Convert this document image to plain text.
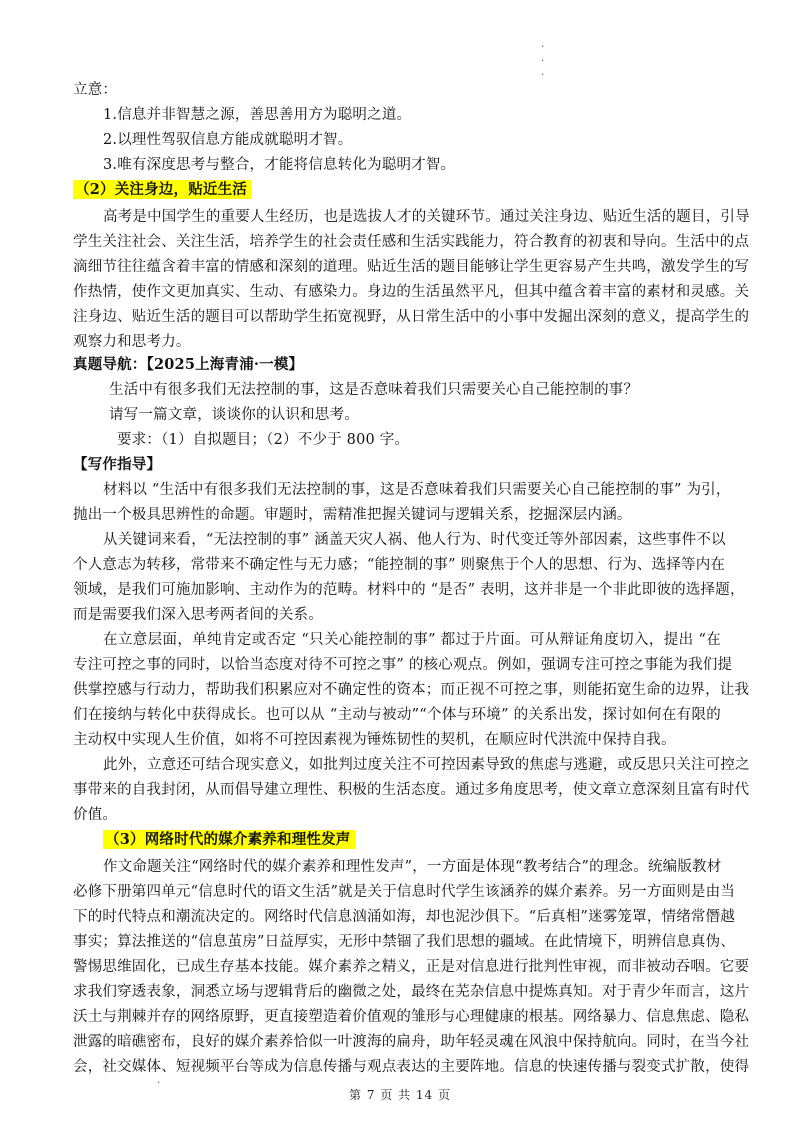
.
.
.
立意：
1.信息并非智慧之源，善思善用方为聪明之道。
2.以理性驾驭信息方能成就聪明才智。
3.唯有深度思考与整合，才能将信息转化为聪明才智。
（2）关注身边，贴近生活
高考是中国学生的重要人生经历，也是选拔人才的关键环节。通过关注身边、贴近生活的题目，引导
学生关注社会、关注生活，培养学生的社会责任感和生活实践能力，符合教育的初衷和导向。生活中的点
滴细节往往蕴含着丰富的情感和深刻的道理。贴近生活的题目能够让学生更容易产生共鸣，激发学生的写
作热情，使作文更加真实、生动、有感染力。身边的生活虽然平凡，但其中蕴含着丰富的素材和灵感。关
注身边、贴近生活的题目可以帮助学生拓宽视野，从日常生活中的小事中发掘出深刻的意义，提高学生的
观察力和思考力。
真题导航：【2025上海青浦·一模】
生活中有很多我们无法控制的事，这是否意味着我们只需要关心自己能控制的事？
请写一篇文章，谈谈你的认识和思考。
要求：（1）自拟题目；（2）不少于 800 字。
【写作指导】
材料以 “生活中有很多我们无法控制的事，这是否意味着我们只需要关心自己能控制的事” 为引，
抛出一个极具思辨性的命题。审题时，需精准把握关键词与逻辑关系，挖掘深层内涵。
从关键词来看，“无法控制的事” 涵盖天灾人祸、他人行为、时代变迁等外部因素，这些事件不以
个人意志为转移，常带来不确定性与无力感；“能控制的事” 则聚焦于个人的思想、行为、选择等内在
领域，是我们可施加影响、主动作为的范畴。材料中的 “是否” 表明，这并非是一个非此即彼的选择题，
而是需要我们深入思考两者间的关系。
在立意层面，单纯肯定或否定 “只关心能控制的事” 都过于片面。可从辩证角度切入，提出 “在
专注可控之事的同时，以恰当态度对待不可控之事” 的核心观点。例如，强调专注可控之事能为我们提
供掌控感与行动力，帮助我们积累应对不确定性的资本；而正视不可控之事，则能拓宽生命的边界，让我
们在接纳与转化中获得成长。也可以从 “主动与被动”“个体与环境” 的关系出发，探讨如何在有限的
主动权中实现人生价值，如将不可控因素视为锤炼韧性的契机，在顺应时代洪流中保持自我。
此外，立意还可结合现实意义，如批判过度关注不可控因素导致的焦虑与逃避，或反思只关注可控之
事带来的自我封闭，从而倡导建立理性、积极的生活态度。通过多角度思考，使文章立意深刻且富有时代
价值。
（3）网络时代的媒介素养和理性发声
作文命题关注“网络时代的媒介素养和理性发声”，一方面是体现“教考结合”的理念。统编版教材
必修下册第四单元“信息时代的语文生活”就是关于信息时代学生该涵养的媒介素养。另一方面则是由当
下的时代特点和潮流决定的。网络时代信息汹涌如海，却也泥沙俱下。“后真相”迷雾笼罩，情绪常僭越
事实；算法推送的“信息茧房”日益厚实，无形中禁锢了我们思想的疆域。在此情境下，明辨信息真伪、
警惕思维固化，已成生存基本技能。媒介素养之精义，正是对信息进行批判性审视，而非被动吞咽。它要
求我们穿透表象，洞悉立场与逻辑背后的幽微之处，最终在芜杂信息中提炼真知。对于青少年而言，这片
沃土与荆棘并存的网络原野，更直接塑造着价值观的雏形与心理健康的根基。网络暴力、信息焦虑、隐私
泄露的暗礁密布，良好的媒介素养恰似一叶渡海的扁舟，助年轻灵魂在风浪中保持航向。同时，在当今社
会，社交媒体、短视频平台等成为信息传播与观点表达的主要阵地。信息的快速传播与裂变式扩散，使得
·
第 7 页 共 14 页
